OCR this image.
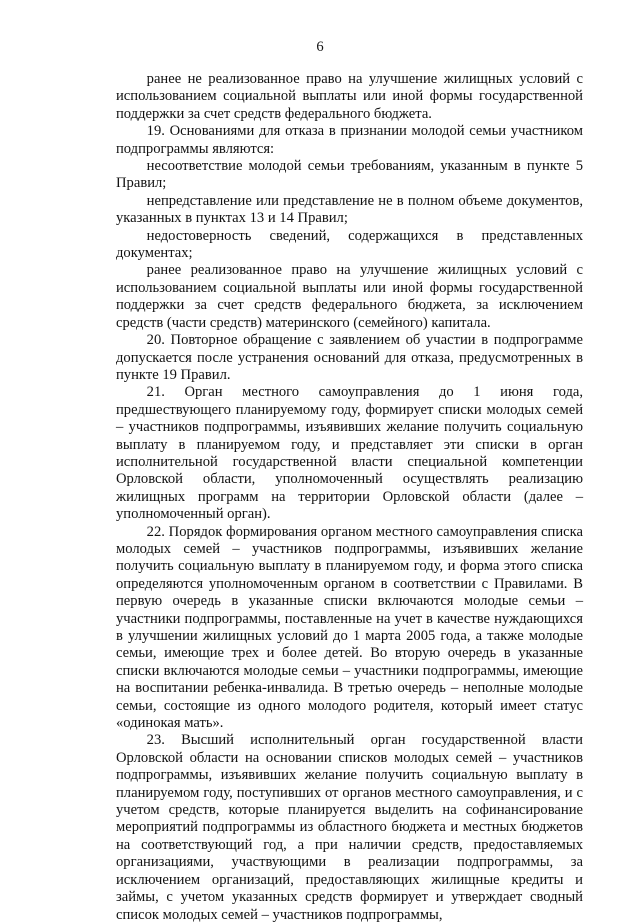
6

ранее не реализованное право на улучшение жилищных условий с использованием социальной выплаты или иной формы государственной поддержки за счет средств федерального бюджета.

19. Основаниями для отказа в признании молодой семьи участником подпрограммы являются:

несоответствие молодой семьи требованиям, указанным в пункте 5 Правил;

непредставление или представление не в полном объеме документов, указанных в пунктах 13 и 14 Правил;

недостоверность сведений, содержащихся в представленных документах;

ранее реализованное право на улучшение жилищных условий с использованием социальной выплаты или иной формы государственной поддержки за счет средств федерального бюджета, за исключением средств (части средств) материнского (семейного) капитала.

20. Повторное обращение с заявлением об участии в подпрограмме допускается после устранения оснований для отказа, предусмотренных в пункте 19 Правил.

21. Орган местного самоуправления до 1 июня года, предшествующего планируемому году, формирует списки молодых семей – участников подпрограммы, изъявивших желание получить социальную выплату в планируемом году, и представляет эти списки в орган исполнительной государственной власти специальной компетенции Орловской области, уполномоченный осуществлять реализацию жилищных программ на территории Орловской области (далее – уполномоченный орган).

22. Порядок формирования органом местного самоуправления списка молодых семей – участников подпрограммы, изъявивших желание получить социальную выплату в планируемом году, и форма этого списка определяются уполномоченным органом в соответствии с Правилами. В первую очередь в указанные списки включаются молодые семьи – участники подпрограммы, поставленные на учет в качестве нуждающихся в улучшении жилищных условий до 1 марта 2005 года, а также молодые семьи, имеющие трех и более детей. Во вторую очередь в указанные списки включаются молодые семьи – участники подпрограммы, имеющие на воспитании ребенка-инвалида. В третью очередь – неполные молодые семьи, состоящие из одного молодого родителя, который имеет статус «одинокая мать».

23. Высший исполнительный орган государственной власти Орловской области на основании списков молодых семей – участников подпрограммы, изъявивших желание получить социальную выплату в планируемом году, поступивших от органов местного самоуправления, и с учетом средств, которые планируется выделить на софинансирование мероприятий подпрограммы из областного бюджета и местных бюджетов на соответствующий год, а при наличии средств, предоставляемых организациями, участвующими в реализации подпрограммы, за исключением организаций, предоставляющих жилищные кредиты и займы, с учетом указанных средств формирует и утверждает сводный список молодых семей – участников подпрограммы,
